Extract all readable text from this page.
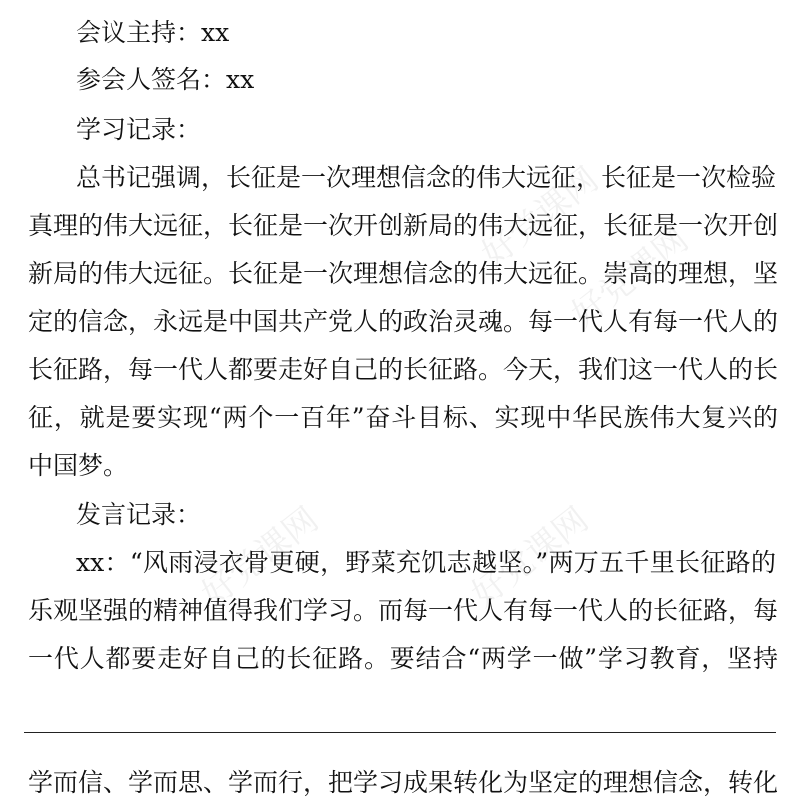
好党课网
好党课网	好党课网
好党课网
会议主持：xx
参会人签名：xx
学习记录：
总书记强调，长征是一次理想信念的伟大远征，长征是一次检验
真理的伟大远征，长征是一次开创新局的伟大远征，长征是一次开创
新局的伟大远征。长征是一次理想信念的伟大远征。崇高的理想，坚
定的信念，永远是中国共产党人的政治灵魂。每一代人有每一代人的
长征路，每一代人都要走好自己的长征路。今天，我们这一代人的长
征，就是要实现“两个一百年”奋斗目标、实现中华民族伟大复兴的
中国梦。
发言记录：
xx：“风雨浸衣骨更硬，野菜充饥志越坚。”两万五千里长征路的
乐观坚强的精神值得我们学习。而每一代人有每一代人的长征路，每
一代人都要走好自己的长征路。要结合“两学一做”学习教育，坚持
学而信、学而思、学而行，把学习成果转化为坚定的理想信念，转化
